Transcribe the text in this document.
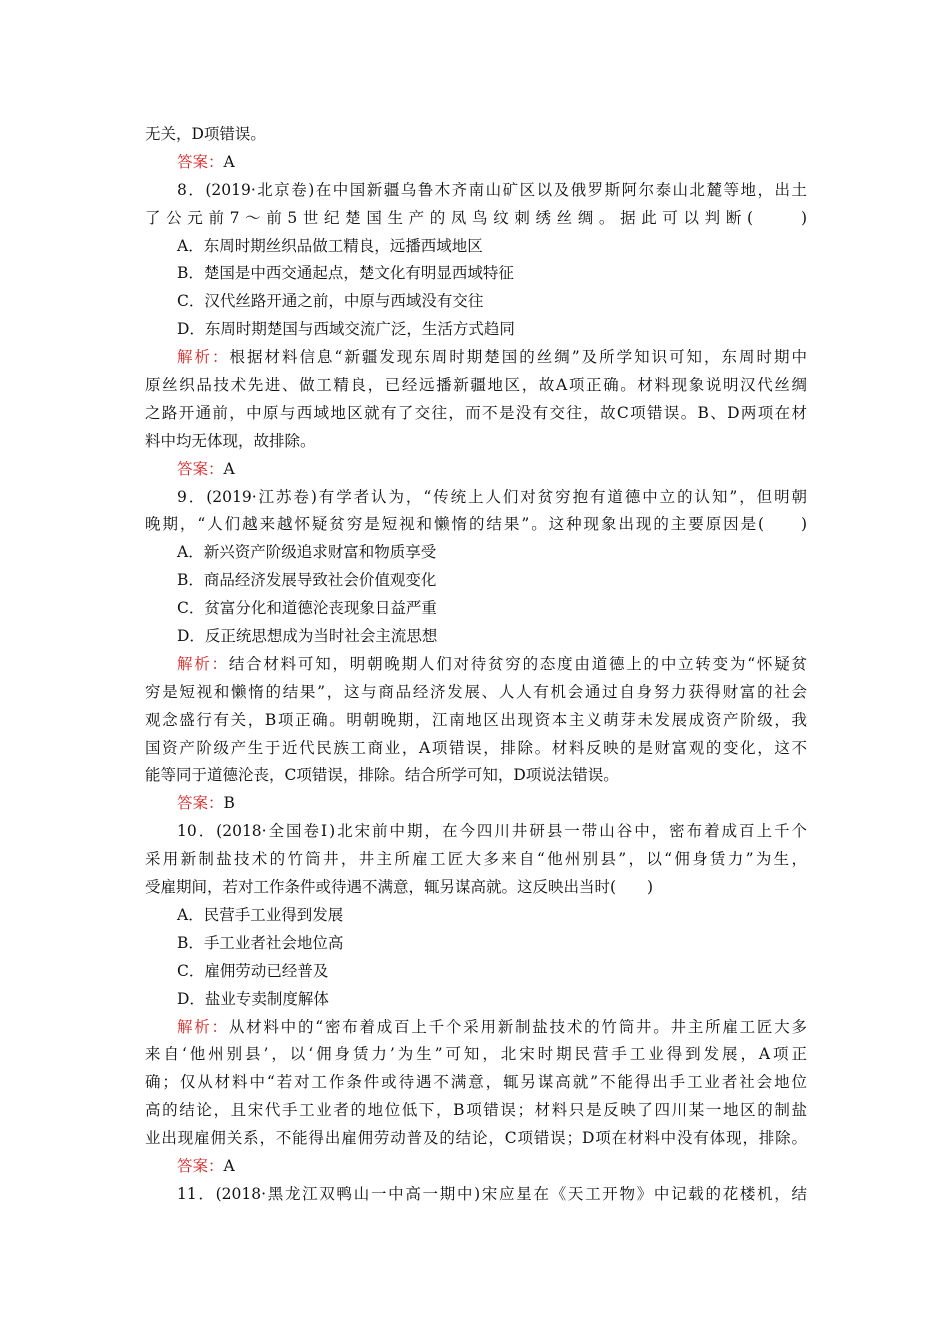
无关，D项错误。
答案：A
8．(2019·北京卷)在中国新疆乌鲁木齐南山矿区以及俄罗斯阿尔泰山北麓等地，出土
了公元前7～前5世纪楚国生产的凤鸟纹刺绣丝绸。据此可以判断(　　)
A．东周时期丝织品做工精良，远播西域地区
B．楚国是中西交通起点，楚文化有明显西域特征
C．汉代丝路开通之前，中原与西域没有交往
D．东周时期楚国与西域交流广泛，生活方式趋同
解析：根据材料信息“新疆发现东周时期楚国的丝绸”及所学知识可知，东周时期中
原丝织品技术先进、做工精良，已经远播新疆地区，故A项正确。材料现象说明汉代丝绸
之路开通前，中原与西域地区就有了交往，而不是没有交往，故C项错误。B、D两项在材
料中均无体现，故排除。
答案：A
9．(2019·江苏卷)有学者认为，“传统上人们对贫穷抱有道德中立的认知”，但明朝
晚期，“人们越来越怀疑贫穷是短视和懒惰的结果”。这种现象出现的主要原因是(　　)
A．新兴资产阶级追求财富和物质享受
B．商品经济发展导致社会价值观变化
C．贫富分化和道德沦丧现象日益严重
D．反正统思想成为当时社会主流思想
解析：结合材料可知，明朝晚期人们对待贫穷的态度由道德上的中立转变为“怀疑贫
穷是短视和懒惰的结果”，这与商品经济发展、人人有机会通过自身努力获得财富的社会
观念盛行有关，B项正确。明朝晚期，江南地区出现资本主义萌芽未发展成资产阶级，我
国资产阶级产生于近代民族工商业，A项错误，排除。材料反映的是财富观的变化，这不
能等同于道德沦丧，C项错误，排除。结合所学可知，D项说法错误。
答案：B
10．(2018·全国卷Ⅰ)北宋前中期，在今四川井研县一带山谷中，密布着成百上千个
采用新制盐技术的竹筒井，井主所雇工匠大多来自“他州别县”，以“佣身赁力”为生，
受雇期间，若对工作条件或待遇不满意，辄另谋高就。这反映出当时(　　)
A．民营手工业得到发展
B．手工业者社会地位高
C．雇佣劳动已经普及
D．盐业专卖制度解体
解析：从材料中的“密布着成百上千个采用新制盐技术的竹筒井。井主所雇工匠大多
来自‘他州别县’，以‘佣身赁力’为生”可知，北宋时期民营手工业得到发展，A项正
确；仅从材料中“若对工作条件或待遇不满意，辄另谋高就”不能得出手工业者社会地位
高的结论，且宋代手工业者的地位低下，B项错误；材料只是反映了四川某一地区的制盐
业出现雇佣关系，不能得出雇佣劳动普及的结论，C项错误；D项在材料中没有体现，排除。
答案：A
11．(2018·黑龙江双鸭山一中高一期中)宋应星在《天工开物》中记载的花楼机，结
